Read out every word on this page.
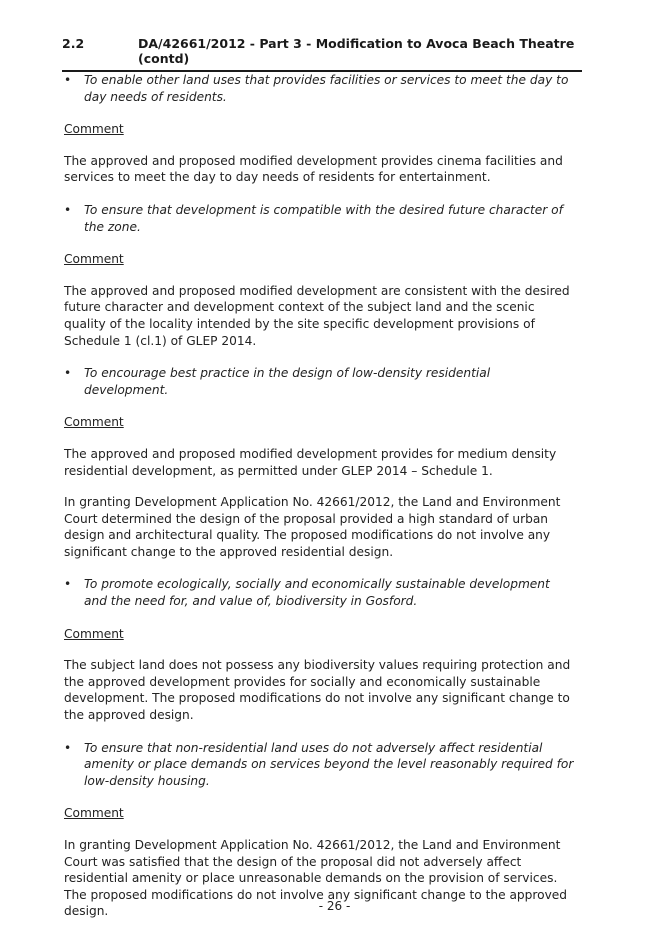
2.2	DA/42661/2012 - Part 3 - Modification to Avoca Beach Theatre (contd)
• To enable other land uses that provides facilities or services to meet the day to day needs of residents.

Comment

The approved and proposed modified development provides cinema facilities and services to meet the day to day needs of residents for entertainment.

• To ensure that development is compatible with the desired future character of the zone.

Comment

The approved and proposed modified development are consistent with the desired future character and development context of the subject land and the scenic quality of the locality intended by the site specific development provisions of Schedule 1 (cl.1) of GLEP 2014.

• To encourage best practice in the design of low-density residential development.

Comment

The approved and proposed modified development provides for medium density residential development, as permitted under GLEP 2014 – Schedule 1.

In granting Development Application No. 42661/2012, the Land and Environment Court determined the design of the proposal provided a high standard of urban design and architectural quality. The proposed modifications do not involve any significant change to the approved residential design.

• To promote ecologically, socially and economically sustainable development and the need for, and value of, biodiversity in Gosford.

Comment

The subject land does not possess any biodiversity values requiring protection and the approved development provides for socially and economically sustainable development. The proposed modifications do not involve any significant change to the approved design.

• To ensure that non-residential land uses do not adversely affect residential amenity or place demands on services beyond the level reasonably required for low-density housing.

Comment

In granting Development Application No. 42661/2012, the Land and Environment Court was satisfied that the design of the proposal did not adversely affect residential amenity or place unreasonable demands on the provision of services. The proposed modifications do not involve any significant change to the approved design.	- 26 -
